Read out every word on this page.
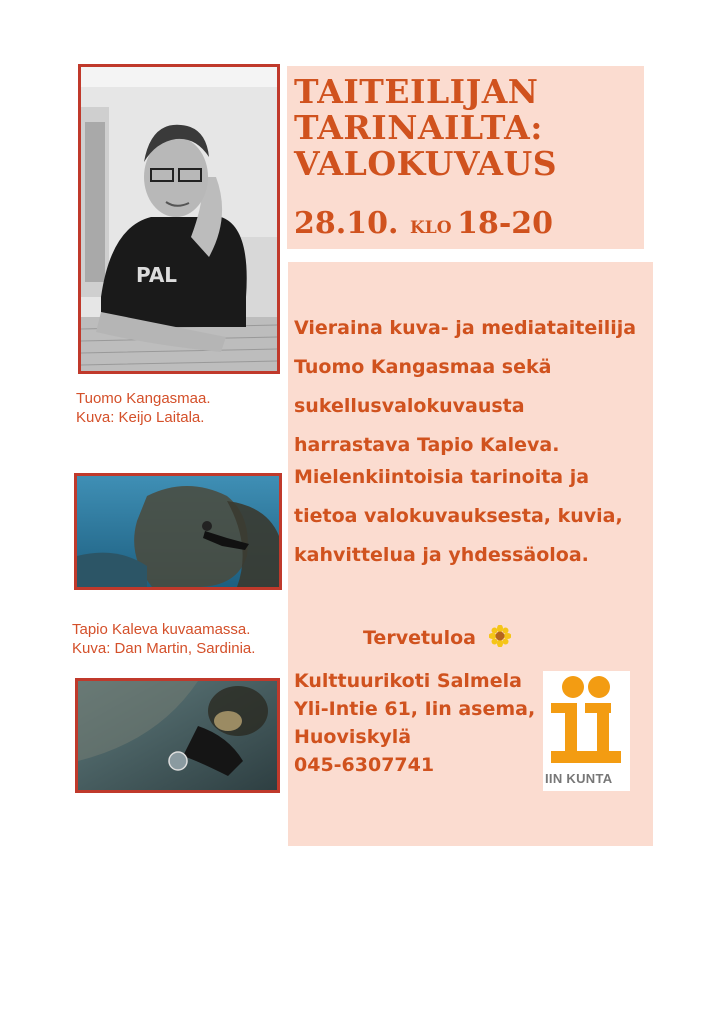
PAL
Tuomo Kangasmaa.
Kuva: Keijo Laitala.
Tapio Kaleva kuvaamassa.
Kuva: Dan Martin, Sardinia.
TAITEILIJAN
TARINAILTA:
VALOKUVAUS
28.10. KLO 18-20
Vieraina kuva- ja mediataiteilija
Tuomo Kangasmaa sekä
sukellusvalokuvausta
harrastava Tapio Kaleva.
Mielenkiintoisia tarinoita ja
tietoa valokuvauksesta, kuvia,
kahvittelua ja yhdessäoloa.
Tervetuloa
Kulttuurikoti Salmela
Yli-Intie 61, Iin asema,
Huoviskylä
045-6307741
IIN KUNTA
